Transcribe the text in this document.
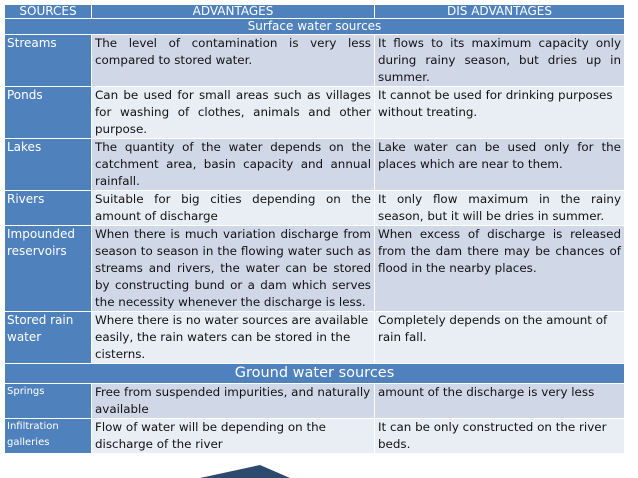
SOURCES	ADVANTAGES	DIS ADVANTAGES
Surface water sources		
Streams	The level of contamination is very less compared to stored water.	It flows to its maximum capacity only during rainy season, but dries up in summer.
Ponds	Can be used for small areas such as villages for washing of clothes, animals and other purpose.	It cannot be used for drinking purposes without treating.
Lakes	The quantity of the water depends on the catchment area, basin capacity and annual rainfall.	Lake water can be used only for the places which are near to them.
Rivers	Suitable for big cities depending on the amount of discharge	It only flow maximum in the rainy season, but it will be dries in summer.
Impounded reservoirs	When there is much variation discharge from season to season in the flowing water such as streams and rivers, the water can be stored by constructing bund or a dam which serves the necessity whenever the discharge is less.	When excess of discharge is released from the dam there may be chances of flood in the nearby places.
Stored rain water	Where there is no water sources are available easily, the rain waters can be stored in the cisterns.	Completely depends on the amount of rain fall.
Ground water sources		
Springs	Free from suspended impurities, and naturally available	amount of the discharge is very less
Infiltration galleries	Flow of water will be depending on the discharge of the river	It can be only constructed on the river beds.
